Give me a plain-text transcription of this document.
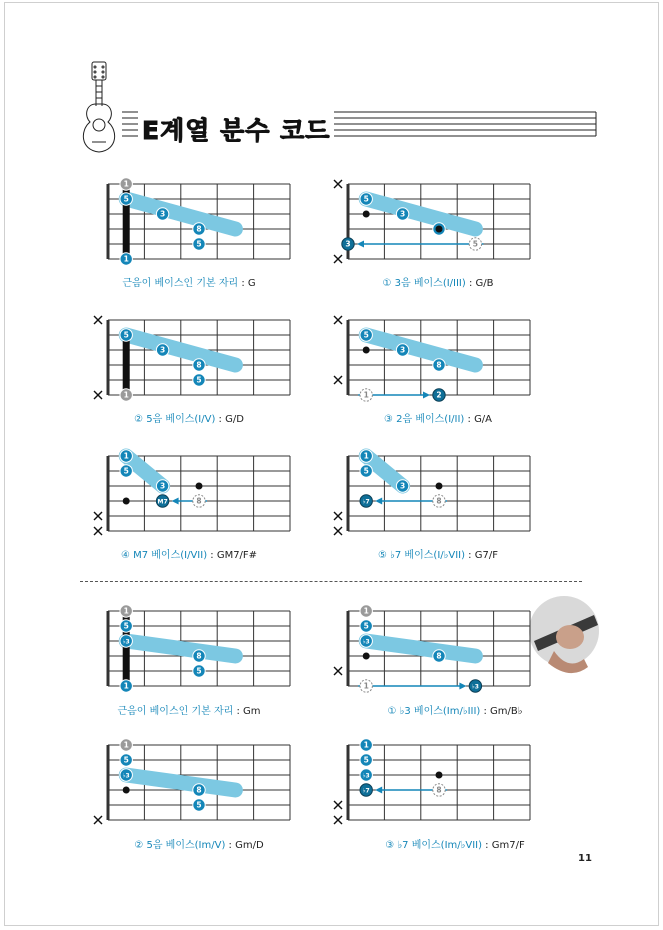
E계열 분수 코드
1
5
3
8
5
1
5
3
5
3
5
3
8
5
1
5
3
8
1	2
1
5
3
8
M7
1
5
3
8
♭7
1
5
♭3
8
5
1
1
5
♭3
8
1	♭3
1
5
♭3
8
5
1
5
♭3
8
♭7
근음이 베이스인 기본 자리 : G	① 3음 베이스(I/III) : G/B
② 5음 베이스(I/V) : G/D	③ 2음 베이스(I/II) : G/A
④ M7 베이스(I/VII) : GM7/F#	⑤ ♭7 베이스(I/♭VII) : G7/F
근음이 베이스인 기본 자리 : Gm	① ♭3 베이스(Im/♭III) : Gm/B♭
② 5음 베이스(Im/V) : Gm/D	③ ♭7 베이스(Im/♭VII) : Gm7/F
11
